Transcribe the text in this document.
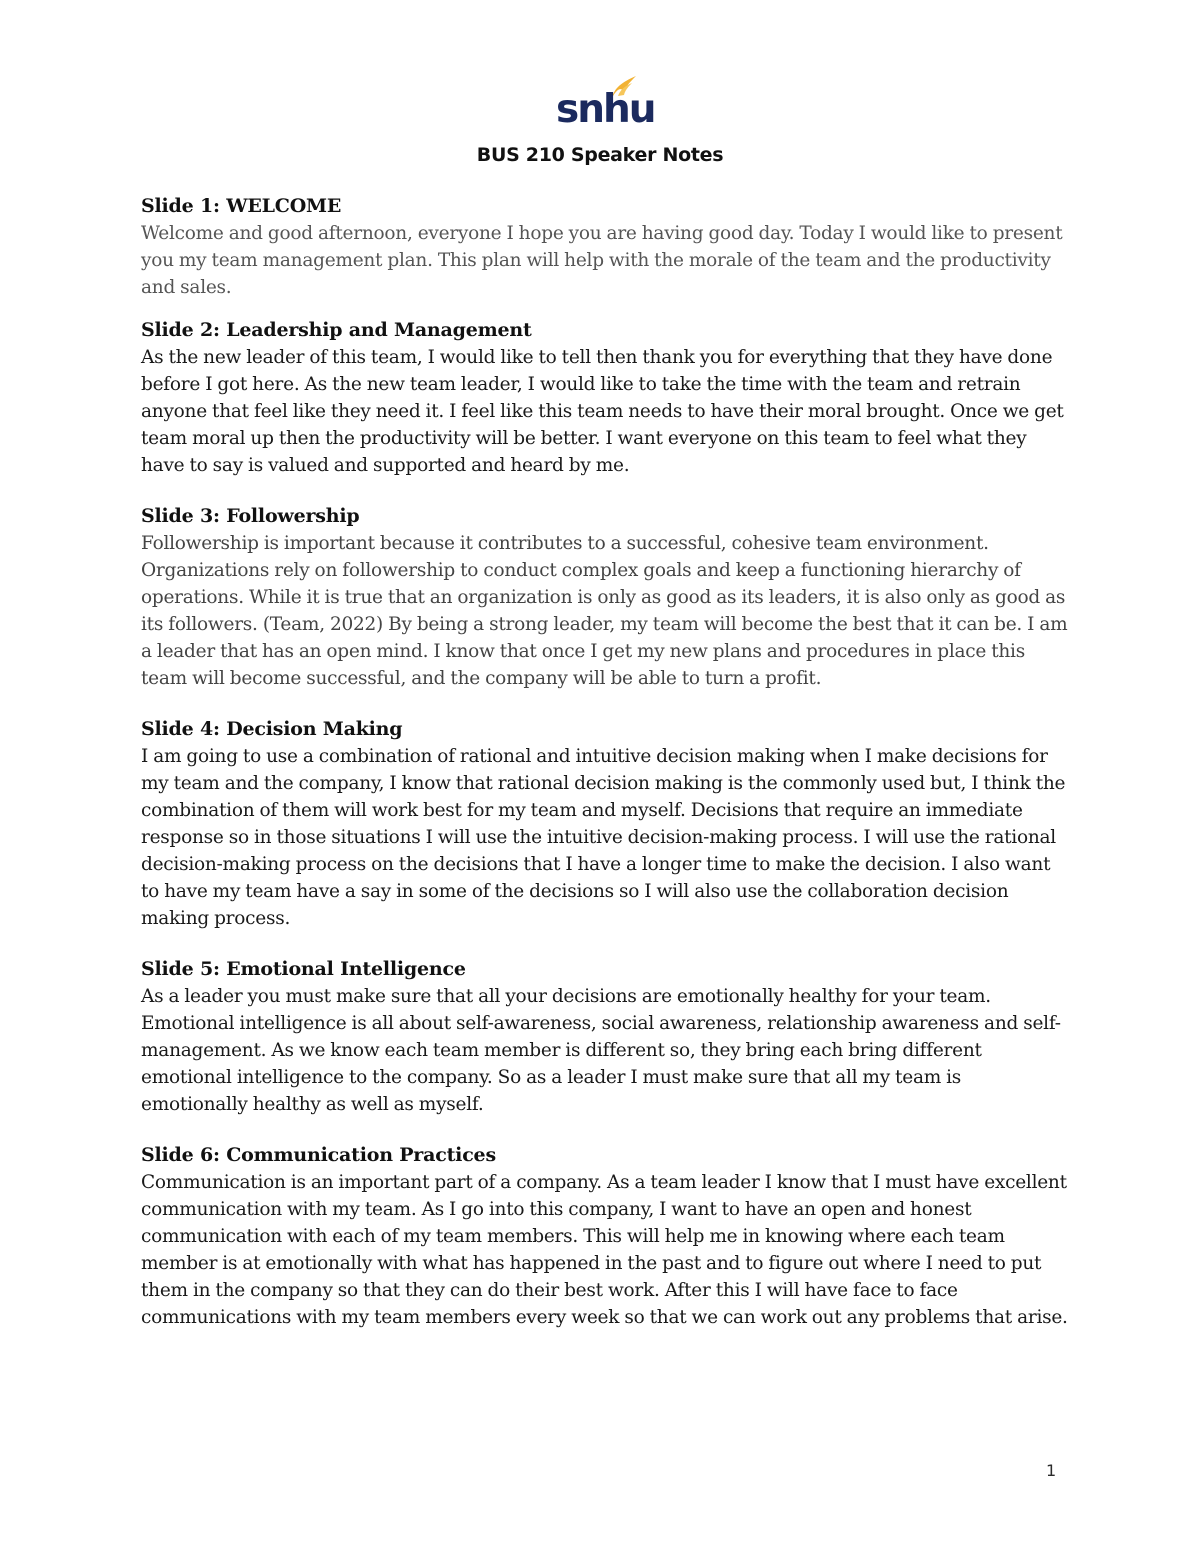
snhu
BUS 210 Speaker Notes
Slide 1: WELCOME

Welcome and good afternoon, everyone I hope you are having good day. Today I would like to present you my team management plan. This plan will help with the morale of the team and the productivity and sales.

Slide 2: Leadership and Management

As the new leader of this team, I would like to tell then thank you for everything that they have done before I got here. As the new team leader, I would like to take the time with the team and retrain anyone that feel like they need it. I feel like this team needs to have their moral brought. Once we get team moral up then the productivity will be better. I want everyone on this team to feel what they have to say is valued and supported and heard by me.

Slide 3: Followership

Followership is important because it contributes to a successful, cohesive team environment. Organizations rely on followership to conduct complex goals and keep a functioning hierarchy of operations. While it is true that an organization is only as good as its leaders, it is also only as good as its followers. (Team, 2022) By being a strong leader, my team will become the best that it can be. I am a leader that has an open mind. I know that once I get my new plans and procedures in place this team will become successful, and the company will be able to turn a profit.

Slide 4: Decision Making

I am going to use a combination of rational and intuitive decision making when I make decisions for my team and the company, I know that rational decision making is the commonly used but, I think the combination of them will work best for my team and myself. Decisions that require an immediate response so in those situations I will use the intuitive decision-making process. I will use the rational decision-making process on the decisions that I have a longer time to make the decision. I also want to have my team have a say in some of the decisions so I will also use the collaboration decision making process.

Slide 5: Emotional Intelligence

As a leader you must make sure that all your decisions are emotionally healthy for your team. Emotional intelligence is all about self-awareness, social awareness, relationship awareness and self-management. As we know each team member is different so, they bring each bring different emotional intelligence to the company. So as a leader I must make sure that all my team is emotionally healthy as well as myself.

Slide 6: Communication Practices

Communication is an important part of a company. As a team leader I know that I must have excellent communication with my team. As I go into this company, I want to have an open and honest communication with each of my team members. This will help me in knowing where each team member is at emotionally with what has happened in the past and to figure out where I need to put them in the company so that they can do their best work. After this I will have face to face communications with my team members every week so that we can work out any problems that arise.

1
